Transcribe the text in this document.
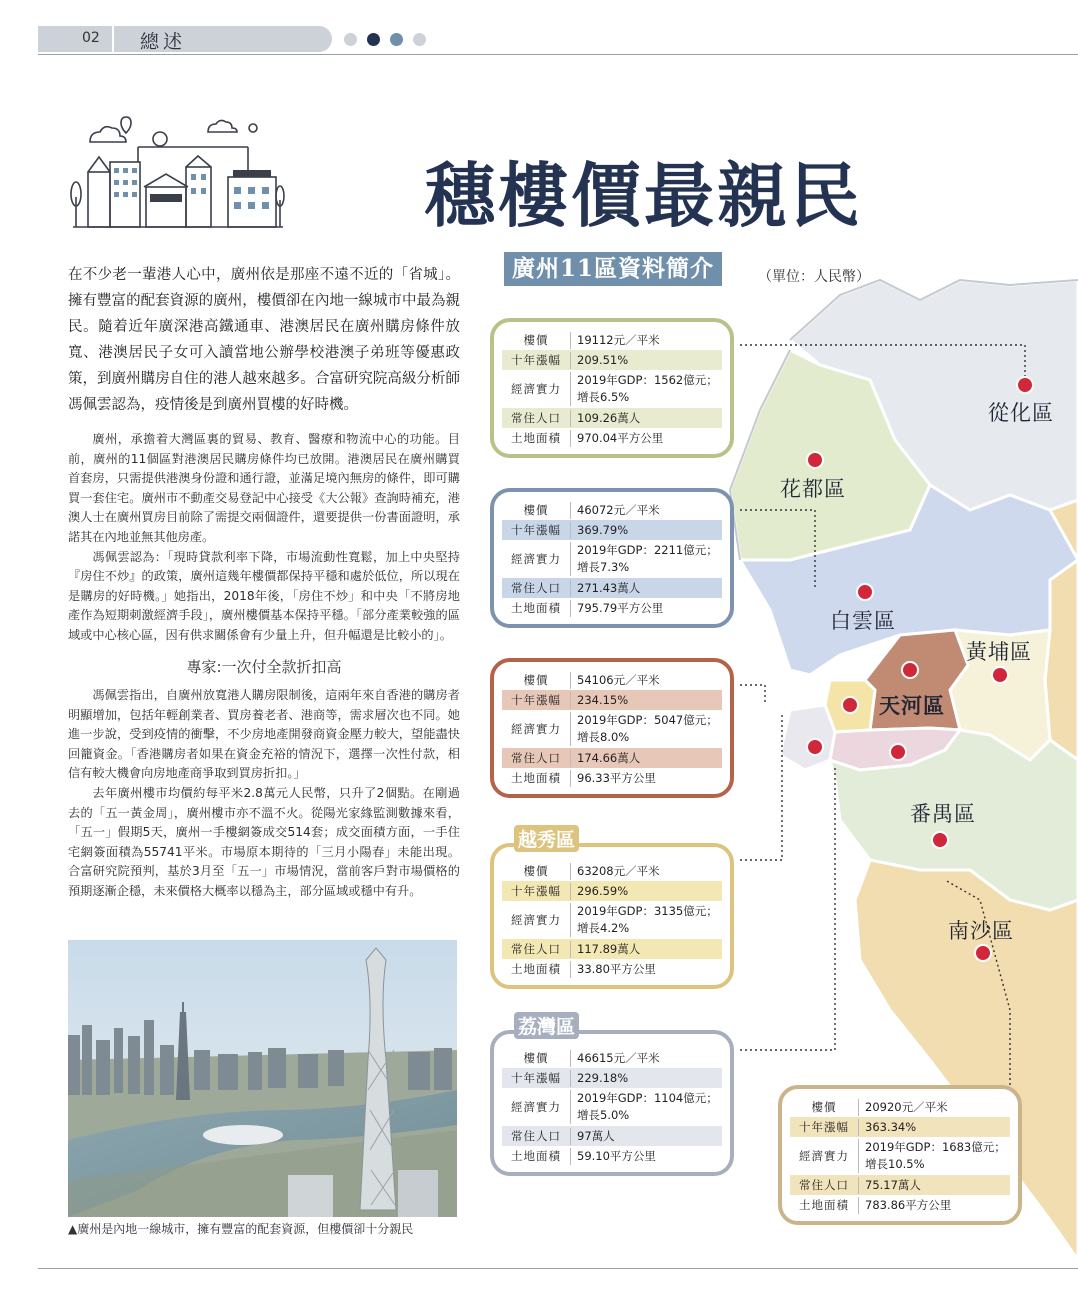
02 總述
穗樓價最親民
在不少老一輩港人心中，廣州依是那座不遠不近的「省城」。擁有豐富的配套資源的廣州，樓價卻在內地一線城市中最為親民。隨着近年廣深港高鐵通車、港澳居民在廣州購房條件放寬、港澳居民子女可入讀當地公辦學校港澳子弟班等優惠政策，到廣州購房自住的港人越來越多。合富研究院高級分析師馮佩雲認為，疫情後是到廣州買樓的好時機。

廣州，承擔着大灣區裏的貿易、教育、醫療和物流中心的功能。目前，廣州的11個區對港澳居民購房條件均已放開。港澳居民在廣州購買首套房，只需提供港澳身份證和通行證，並滿足境內無房的條件，即可購買一套住宅。廣州市不動產交易登記中心接受《大公報》查詢時補充，港澳人士在廣州買房目前除了需提交兩個證件，還要提供一份書面證明，承諾其在內地並無其他房產。

馮佩雲認為：「現時貸款利率下降，市場流動性寬鬆，加上中央堅持『房住不炒』的政策，廣州這幾年樓價都保持平穩和處於低位，所以現在是購房的好時機。」她指出，2018年後，「房住不炒」和中央「不將房地產作為短期刺激經濟手段」，廣州樓價基本保持平穩。「部分產業較強的區域或中心核心區，因有供求關係會有少量上升，但升幅還是比較小的」。

專家:一次付全款折扣高

馮佩雲指出，自廣州放寬港人購房限制後，這兩年來自香港的購房者明顯增加，包括年輕創業者、買房養老者、港商等，需求層次也不同。她進一步說，受到疫情的衝擊，不少房地產開發商資金壓力較大，望能盡快回籠資金。「香港購房者如果在資金充裕的情況下，選擇一次性付款，相信有較大機會向房地產商爭取到買房折扣。」

去年廣州樓市均價約每平米2.8萬元人民幣，只升了2個點。在剛過去的「五一黃金周」，廣州樓市亦不溫不火。從陽光家緣監測數據來看，「五一」假期5天，廣州一手樓網簽成交514套；成交面積方面，一手住宅網簽面積為55741平米。市場原本期待的「三月小陽春」未能出現。合富研究院預判，基於3月至「五一」市場情況，當前客戶對市場價格的預期逐漸企穩，未來價格大概率以穩為主，部分區域或穩中有升。

▲廣州是內地一線城市，擁有豐富的配套資源，但樓價卻十分親民
廣州11區資料簡介	（單位：人民幣）
從化區
花都區
白雲區
黃埔區
天河區
番禺區
南沙區
樓價	19112元／平米
十年漲幅	209.51%
經濟實力
2019年GDP：1562億元；增長6.5%
常住人口	109.26萬人
土地面積	970.04平方公里
樓價	46072元／平米
十年漲幅	369.79%
經濟實力
2019年GDP：2211億元；增長7.3%
常住人口	271.43萬人
土地面積	795.79平方公里
樓價	54106元／平米
十年漲幅	234.15%
經濟實力
2019年GDP：5047億元；增長8.0%
常住人口	174.66萬人
土地面積	96.33平方公里
越秀區
樓價	63208元／平米
十年漲幅	296.59%
經濟實力
2019年GDP：3135億元；增長4.2%
常住人口	117.89萬人
土地面積	33.80平方公里
荔灣區
樓價	46615元／平米
十年漲幅	229.18%
經濟實力
2019年GDP：1104億元；增長5.0%
常住人口	97萬人
土地面積	59.10平方公里
樓價	20920元／平米
十年漲幅	363.34%
經濟實力
2019年GDP：1683億元；增長10.5%
常住人口	75.17萬人
土地面積	783.86平方公里
